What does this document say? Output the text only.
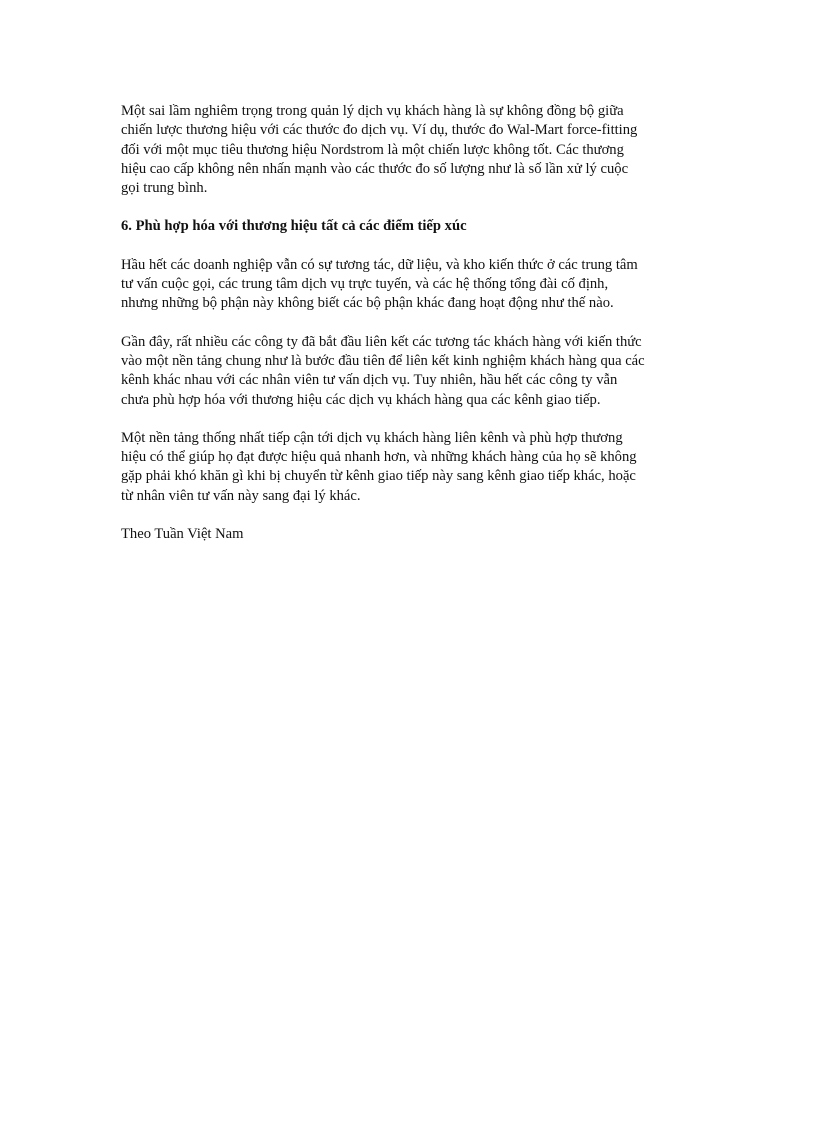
Một sai lầm nghiêm trọng trong quản lý dịch vụ khách hàng là sự không đồng bộ giữa
chiến lược thương hiệu với các thước đo dịch vụ. Ví dụ, thước đo Wal-Mart force-fitting
đối với một mục tiêu thương hiệu Nordstrom là một chiến lược không tốt. Các thương
hiệu cao cấp không nên nhấn mạnh vào các thước đo số lượng như là số lần xử lý cuộc
gọi trung bình.

6. Phù hợp hóa với thương hiệu tất cả các điểm tiếp xúc

Hầu hết các doanh nghiệp vẫn có sự tương tác, dữ liệu, và kho kiến thức ở các trung tâm
tư vấn cuộc gọi, các trung tâm dịch vụ trực tuyến, và các hệ thống tổng đài cố định,
nhưng những bộ phận này không biết các bộ phận khác đang hoạt động như thế nào.

Gần đây, rất nhiều các công ty đã bắt đầu liên kết các tương tác khách hàng với kiến thức
vào một nền tảng chung như là bước đầu tiên để liên kết kinh nghiệm khách hàng qua các
kênh khác nhau với các nhân viên tư vấn dịch vụ. Tuy nhiên, hầu hết các công ty vẫn
chưa phù hợp hóa với thương hiệu các dịch vụ khách hàng qua các kênh giao tiếp.

Một nền tảng thống nhất tiếp cận tới dịch vụ khách hàng liên kênh và phù hợp thương
hiệu có thể giúp họ đạt được hiệu quả nhanh hơn, và những khách hàng của họ sẽ không
gặp phải khó khăn gì khi bị chuyển từ kênh giao tiếp này sang kênh giao tiếp khác, hoặc
từ nhân viên tư vấn này sang đại lý khác.

Theo Tuần Việt Nam
